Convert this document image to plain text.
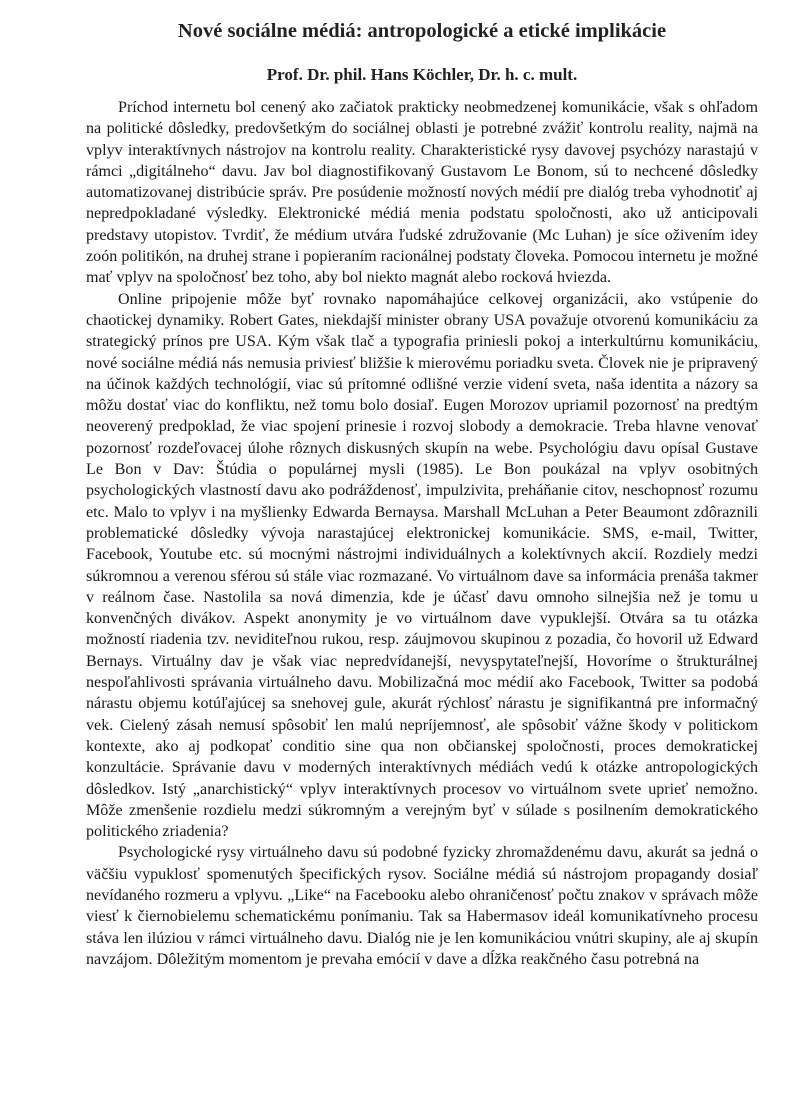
Nové sociálne médiá: antropologické a etické implikácie
Prof. Dr. phil. Hans Köchler, Dr. h. c. mult.

Príchod internetu bol cenený ako začiatok prakticky neobmedzenej komunikácie, však s ohľadom na politické dôsledky, predovšetkým do sociálnej oblasti je potrebné zvážiť kontrolu reality, najmä na vplyv interaktívnych nástrojov na kontrolu reality. Charakteristické rysy davovej psychózy narastajú v rámci „digitálneho“ davu. Jav bol diagnostifikovaný Gustavom Le Bonom, sú to nechcené dôsledky automatizovanej distribúcie správ. Pre posúdenie možností nových médií pre dialóg treba vyhodnotiť aj nepredpokladané výsledky. Elektronické médiá menia podstatu spoločnosti, ako už anticipovali predstavy utopistov. Tvrdiť, že médium utvára ľudské združovanie (Mc Luhan) je síce oživením idey zoón politikón, na druhej strane i popieraním racionálnej podstaty človeka. Pomocou internetu je možné mať vplyv na spoločnosť bez toho, aby bol niekto magnát alebo rocková hviezda.

Online pripojenie môže byť rovnako napomáhajúce celkovej organizácii, ako vstúpenie do chaotickej dynamiky. Robert Gates, niekdajší minister obrany USA považuje otvorenú komunikáciu za strategický prínos pre USA. Kým však tlač a typografia priniesli pokoj a interkultúrnu komunikáciu, nové sociálne médiá nás nemusia priviesť bližšie k mierovému poriadku sveta. Človek nie je pripravený na účinok každých technológií, viac sú prítomné odlišné verzie videní sveta, naša identita a názory sa môžu dostať viac do konfliktu, než tomu bolo dosiaľ. Eugen Morozov upriamil pozornosť na predtým neoverený predpoklad, že viac spojení prinesie i rozvoj slobody a demokracie. Treba hlavne venovať pozornosť rozdeľovacej úlohe rôznych diskusných skupín na webe. Psychológiu davu opísal Gustave Le Bon v Dav: Štúdia o populárnej mysli (1985). Le Bon poukázal na vplyv osobitných psychologických vlastností davu ako podráždenosť, impulzivita, preháňanie citov, neschopnosť rozumu etc. Malo to vplyv i na myšlienky Edwarda Bernaysa. Marshall McLuhan a Peter Beaumont zdôraznili problematické dôsledky vývoja narastajúcej elektronickej komunikácie. SMS, e-mail, Twitter, Facebook, Youtube etc. sú mocnými nástrojmi individuálnych a kolektívnych akcií. Rozdiely medzi súkromnou a verenou sférou sú stále viac rozmazané. Vo virtuálnom dave sa informácia prenáša takmer v reálnom čase. Nastolila sa nová dimenzia, kde je účasť davu omnoho silnejšia než je tomu u konvenčných divákov. Aspekt anonymity je vo virtuálnom dave vypuklejší. Otvára sa tu otázka možností riadenia tzv. neviditeľnou rukou, resp. záujmovou skupinou z pozadia, čo hovoril už Edward Bernays. Virtuálny dav je však viac nepredvídanejší, nevyspytateľnejší, Hovoríme o štrukturálnej nespoľahlivosti správania virtuálneho davu. Mobilizačná moc médií ako Facebook, Twitter sa podobá nárastu objemu kotúľajúcej sa snehovej gule, akurát rýchlosť nárastu je signifikantná pre informačný vek. Cielený zásah nemusí spôsobiť len malú nepríjemnosť, ale spôsobiť vážne škody v politickom kontexte, ako aj podkopať conditio sine qua non občianskej spoločnosti, proces demokratickej konzultácie. Správanie davu v moderných interaktívnych médiách vedú k otázke antropologických dôsledkov. Istý „anarchistický“ vplyv interaktívnych procesov vo virtuálnom svete uprieť nemožno. Môže zmenšenie rozdielu medzi súkromným a verejným byť v súlade s posilnením demokratického politického zriadenia?

Psychologické rysy virtuálneho davu sú podobné fyzicky zhromaždenému davu, akurát sa jedná o väčšiu vypuklosť spomenutých špecifických rysov. Sociálne médiá sú nástrojom propagandy dosiaľ nevídaného rozmeru a vplyvu. „Like“ na Facebooku alebo ohraničenosť počtu znakov v správach môže viesť k čiernobielemu schematickému ponímaniu. Tak sa Habermasov ideál komunikatívneho procesu stáva len ilúziou v rámci virtuálneho davu. Dialóg nie je len komunikáciou vnútri skupiny, ale aj skupín navzájom. Dôležitým momentom je prevaha emócií v dave a dĺžka reakčného času potrebná na
